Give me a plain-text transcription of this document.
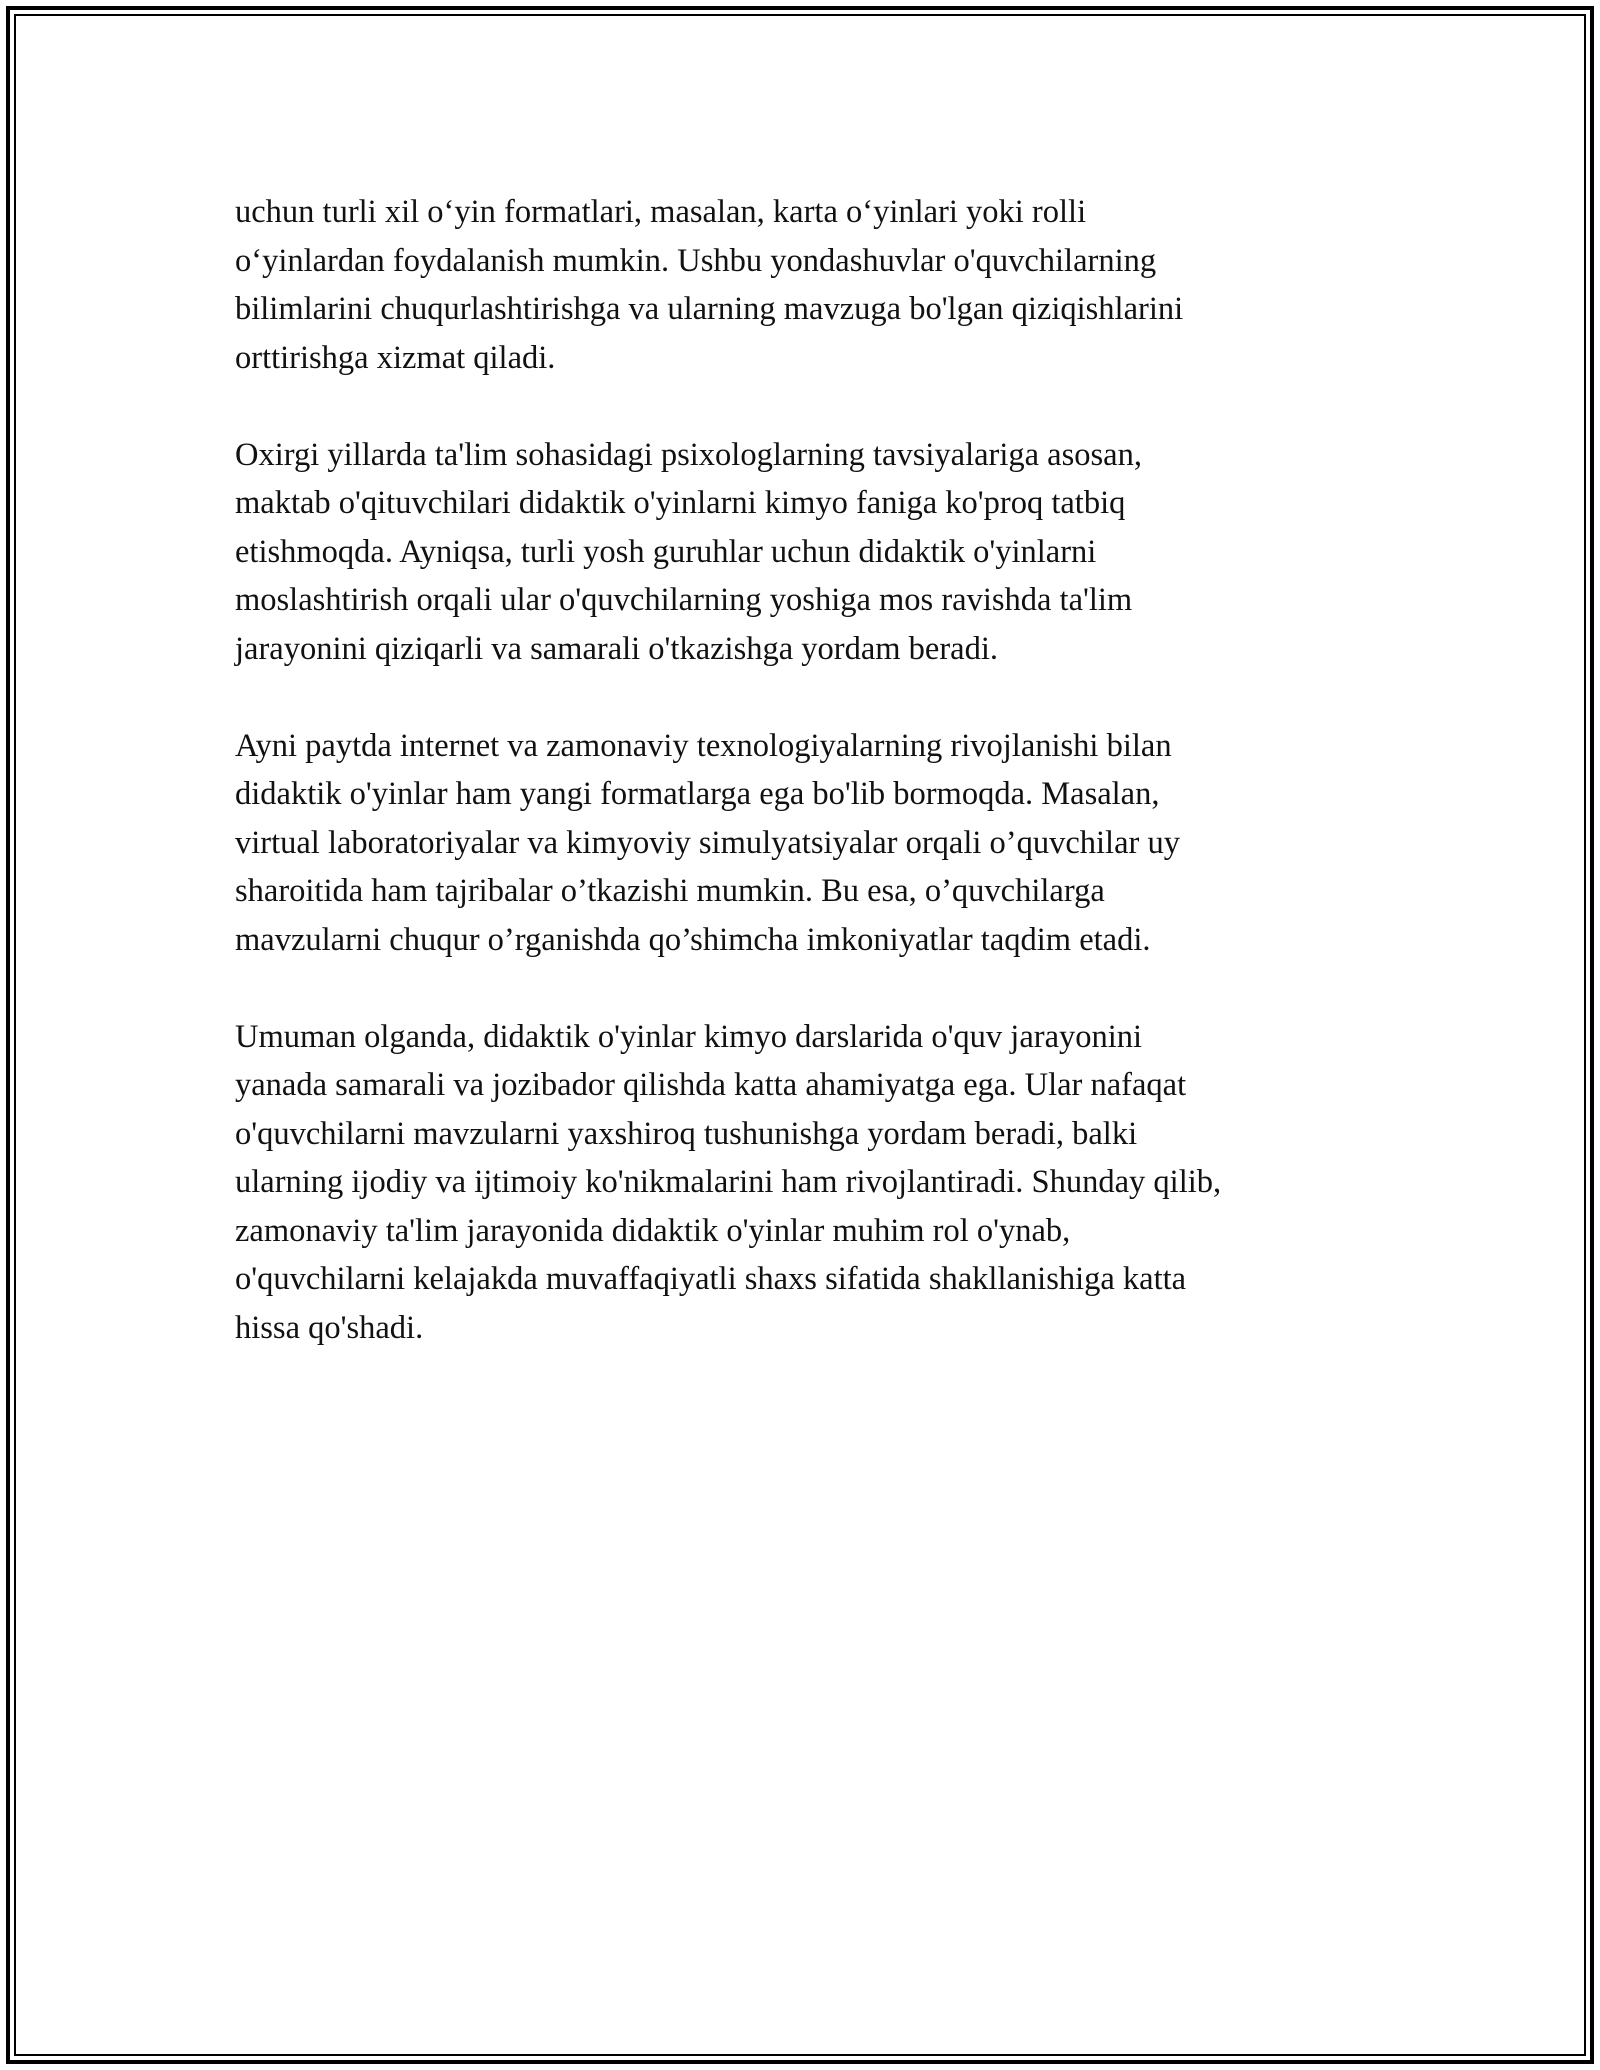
uchun turli xil o‘yin formatlari, masalan, karta o‘yinlari yoki rolli
o‘yinlardan foydalanish mumkin. Ushbu yondashuvlar o'quvchilarning
bilimlarini chuqurlashtirishga va ularning mavzuga bo'lgan qiziqishlarini
orttirishga xizmat qiladi.

Oxirgi yillarda ta'lim sohasidagi psixologlarning tavsiyalariga asosan,
maktab o'qituvchilari didaktik o'yinlarni kimyo faniga ko'proq tatbiq
etishmoqda. Ayniqsa, turli yosh guruhlar uchun didaktik o'yinlarni
moslashtirish orqali ular o'quvchilarning yoshiga mos ravishda ta'lim
jarayonini qiziqarli va samarali o'tkazishga yordam beradi.

Ayni paytda internet va zamonaviy texnologiyalarning rivojlanishi bilan
didaktik o'yinlar ham yangi formatlarga ega bo'lib bormoqda. Masalan,
virtual laboratoriyalar va kimyoviy simulyatsiyalar orqali o’quvchilar uy
sharoitida ham tajribalar o’tkazishi mumkin. Bu esa, o’quvchilarga
mavzularni chuqur o’rganishda qo’shimcha imkoniyatlar taqdim etadi.

Umuman olganda, didaktik o'yinlar kimyo darslarida o'quv jarayonini
yanada samarali va jozibador qilishda katta ahamiyatga ega. Ular nafaqat
o'quvchilarni mavzularni yaxshiroq tushunishga yordam beradi, balki
ularning ijodiy va ijtimoiy ko'nikmalarini ham rivojlantiradi. Shunday qilib,
zamonaviy ta'lim jarayonida didaktik o'yinlar muhim rol o'ynab,
o'quvchilarni kelajakda muvaffaqiyatli shaxs sifatida shakllanishiga katta
hissa qo'shadi.
